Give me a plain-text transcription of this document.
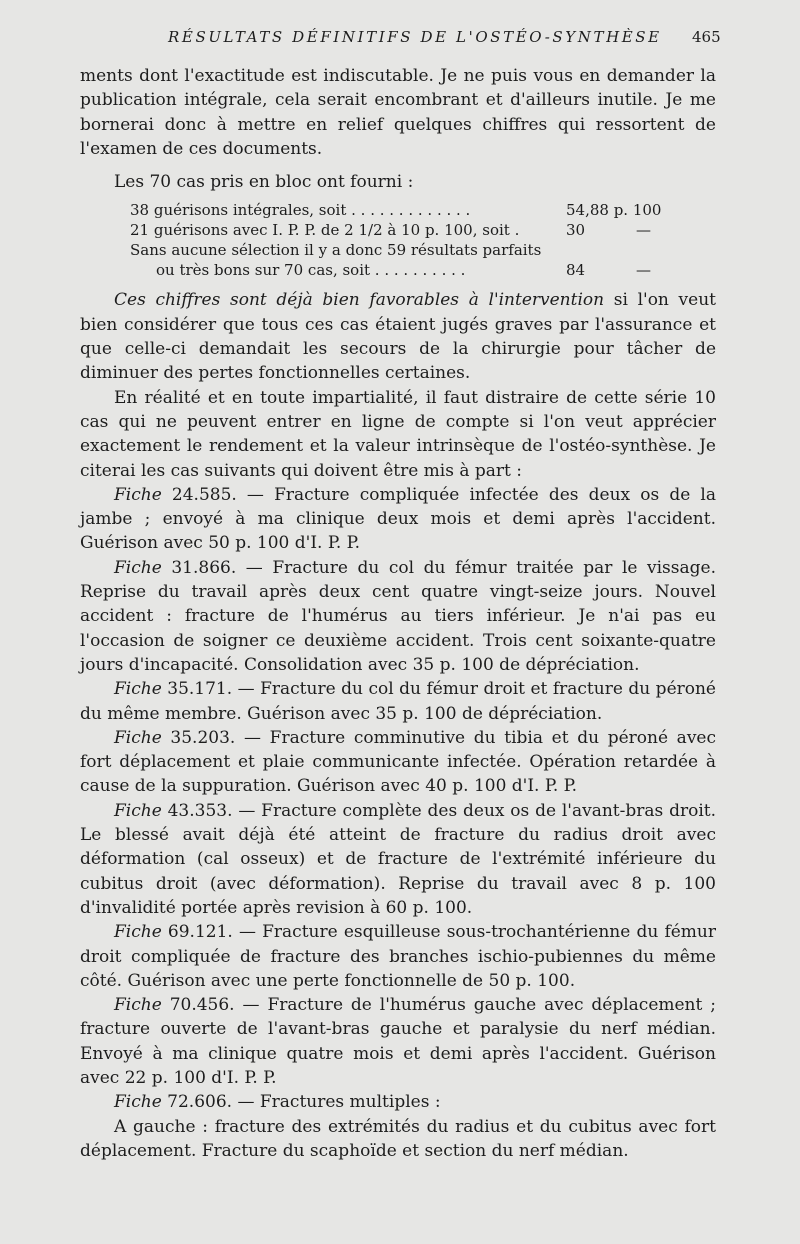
RÉSULTATS DÉFINITIFS DE L'OSTÉO-SYNTHÈSE 465

ments dont l'exactitude est indiscutable. Je ne puis vous en demander la publication intégrale, cela serait encombrant et d'ailleurs inutile. Je me bornerai donc à mettre en relief quelques chiffres qui ressortent de l'examen de ces documents.

Les 70 cas pris en bloc ont fourni :

38 guérisons intégrales, soit . . . . . . . . . . . . .	54,88 p. 100
21 guérisons avec I. P. P. de 2 1/2 à 10 p. 100, soit .	30	—
Sans aucune sélection il y a donc 59 résultats parfaits
ou très bons sur 70 cas, soit . . . . . . . . . .	84	—

Ces chiffres sont déjà bien favorables à l'intervention si l'on veut bien considérer que tous ces cas étaient jugés graves par l'assurance et que celle-ci demandait les secours de la chirurgie pour tâcher de diminuer des pertes fonctionnelles certaines.

En réalité et en toute impartialité, il faut distraire de cette série 10 cas qui ne peuvent entrer en ligne de compte si l'on veut apprécier exactement le rendement et la valeur intrinsèque de l'ostéo-synthèse. Je citerai les cas suivants qui doivent être mis à part :

Fiche 24.585. — Fracture compliquée infectée des deux os de la jambe ; envoyé à ma clinique deux mois et demi après l'accident. Guérison avec 50 p. 100 d'I. P. P.

Fiche 31.866. — Fracture du col du fémur traitée par le vissage. Reprise du travail après deux cent quatre vingt-seize jours. Nouvel accident : fracture de l'humérus au tiers inférieur. Je n'ai pas eu l'occasion de soigner ce deuxième accident. Trois cent soixante-quatre jours d'incapacité. Consolidation avec 35 p. 100 de dépréciation.

Fiche 35.171. — Fracture du col du fémur droit et fracture du péroné du même membre. Guérison avec 35 p. 100 de dépréciation.

Fiche 35.203. — Fracture comminutive du tibia et du péroné avec fort déplacement et plaie communicante infectée. Opération retardée à cause de la suppuration. Guérison avec 40 p. 100 d'I. P. P.

Fiche 43.353. — Fracture complète des deux os de l'avant-bras droit. Le blessé avait déjà été atteint de fracture du radius droit avec déformation (cal osseux) et de fracture de l'extrémité inférieure du cubitus droit (avec déformation). Reprise du travail avec 8 p. 100 d'invalidité portée après revision à 60 p. 100.

Fiche 69.121. — Fracture esquilleuse sous-trochantérienne du fémur droit compliquée de fracture des branches ischio-pubiennes du même côté. Guérison avec une perte fonctionnelle de 50 p. 100.

Fiche 70.456. — Fracture de l'humérus gauche avec déplacement ; fracture ouverte de l'avant-bras gauche et paralysie du nerf médian. Envoyé à ma clinique quatre mois et demi après l'accident. Guérison avec 22 p. 100 d'I. P. P.

Fiche 72.606. — Fractures multiples :

A gauche : fracture des extrémités du radius et du cubitus avec fort déplacement. Fracture du scaphoïde et section du nerf médian.
